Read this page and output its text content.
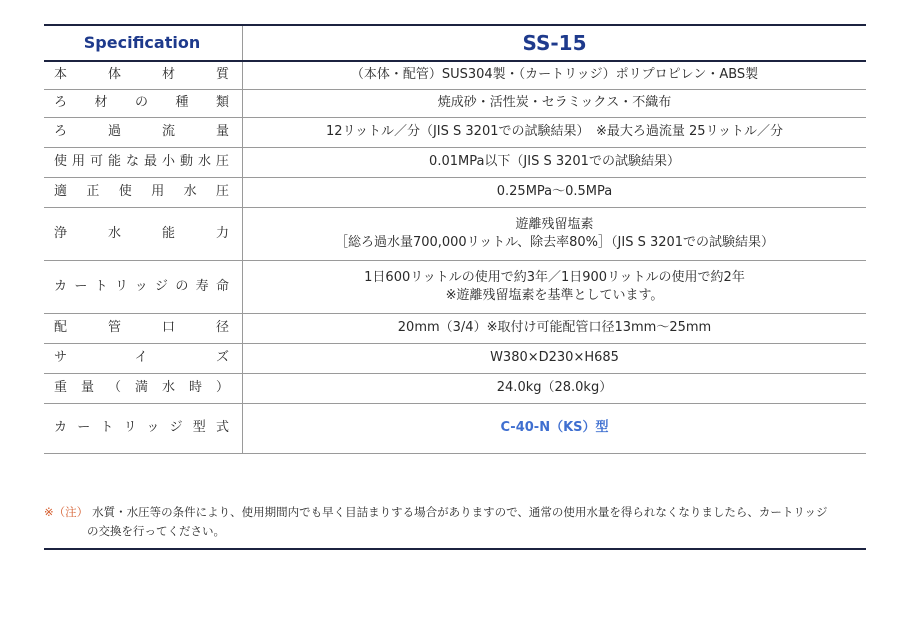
Specification	SS-15

本体材質	（本体・配管）SUS304製・（カートリッジ）ポリプロピレン・ABS製

ろ材の種類	焼成砂・活性炭・セラミックス・不織布

ろ過流量	12リットル／分（JIS S 3201での試験結果）　※最大ろ過流量 25リットル／分

使用可能な最小動水圧	0.01MPa以下（JIS S 3201での試験結果）

適正使用水圧	0.25MPa〜0.5MPa

浄水能力	遊離残留塩素
［総ろ過水量700,000リットル、除去率80%］（JIS S 3201での試験結果）

カートリッジの寿命	1日600リットルの使用で約3年／1日900リットルの使用で約2年
※遊離残留塩素を基準としています。

配管口径	20mm（3/4）※取付け可能配管口径13mm〜25mm

サイズ	W380×D230×H685

重量（満水時）	24.0kg（28.0kg）

カートリッジ型式	C-40-N（KS）型
※（注） 水質・水圧等の条件により、使用期間内でも早く目詰まりする場合がありますので、通常の使用水量を得られなくなりましたら、カートリッジ
の交換を行ってください。
